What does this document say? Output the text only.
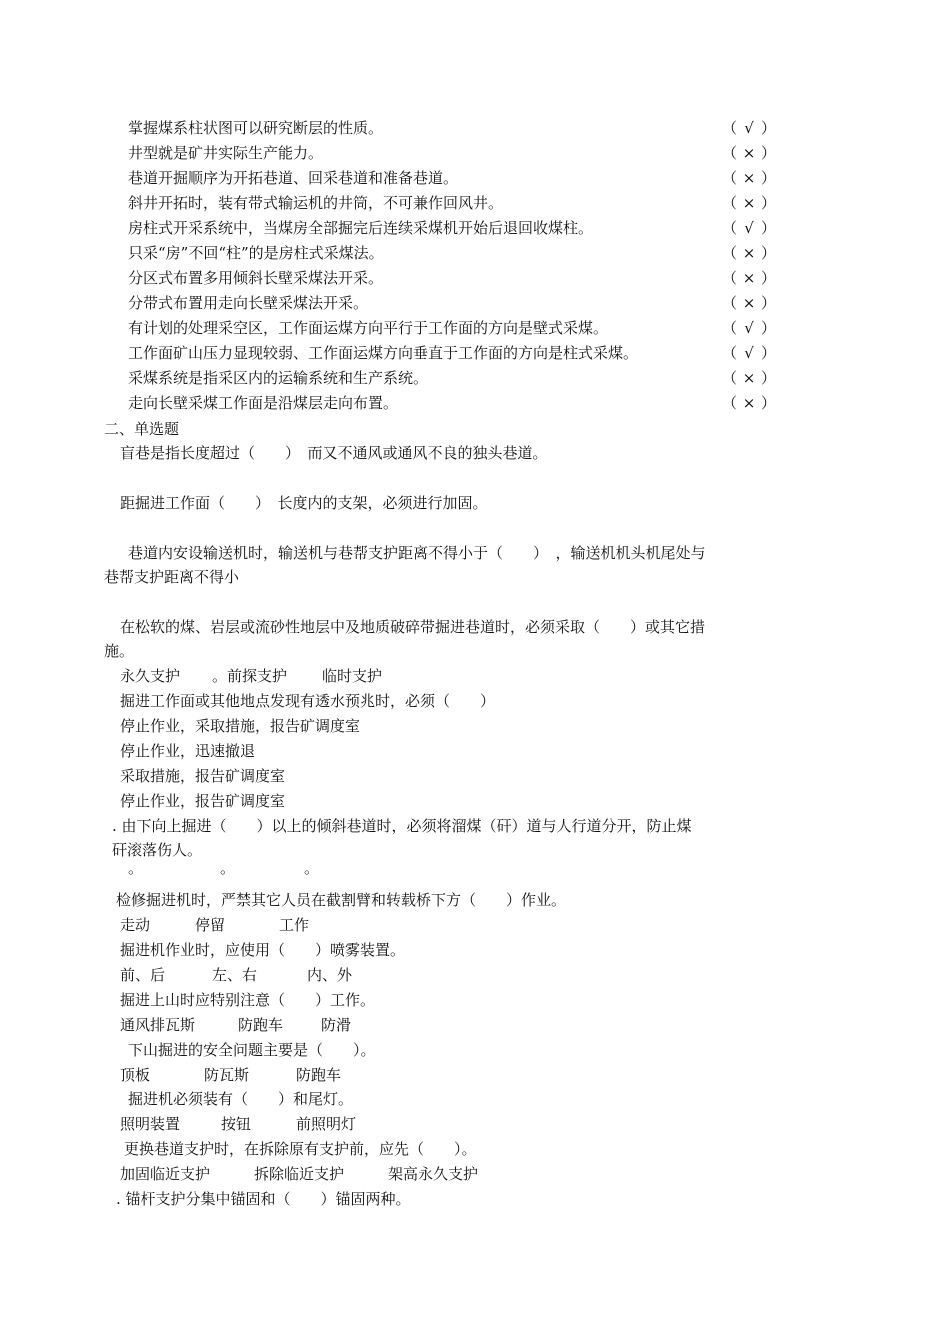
掌握煤系柱状图可以研究断层的性质。	（ √ ）
井型就是矿井实际生产能力。	（ × ）
巷道开掘顺序为开拓巷道、回采巷道和准备巷道。	（ × ）
斜井开拓时，装有带式输运机的井筒，不可兼作回风井。	（ × ）
房柱式开采系统中，当煤房全部掘完后连续采煤机开始后退回收煤柱。	（ √ ）
只采“房”不回“柱”的是房柱式采煤法。	（ × ）
分区式布置多用倾斜长壁采煤法开采。	（ × ）
分带式布置用走向长壁采煤法开采。	（ × ）
有计划的处理采空区，工作面运煤方向平行于工作面的方向是壁式采煤。	（ √ ）
工作面矿山压力显现较弱、工作面运煤方向垂直于工作面的方向是柱式采煤。	（ √ ）
采煤系统是指采区内的运输系统和生产系统。	（ × ）
走向长壁采煤工作面是沿煤层走向布置。	（ × ）
二、单选题
盲巷是指长度超过（　　）　而又不通风或通风不良的独头巷道。
距掘进工作面（　　）　长度内的支架，必须进行加固。
巷道内安设输送机时，输送机与巷帮支护距离不得小于（　　）　，输送机机头机尾处与
巷帮支护距离不得小
在松软的煤、岩层或流砂性地层中及地质破碎带掘进巷道时，必须采取（　　）或其它措
施。
永久支护 。前探支护 临时支护
掘进工作面或其他地点发现有透水预兆时，必须（　　）
停止作业，采取措施，报告矿调度室
停止作业，迅速撤退
采取措施，报告矿调度室
停止作业，报告矿调度室
. 由下向上掘进（　　）以上的倾斜巷道时，必须将溜煤（矸）道与人行道分开，防止煤
矸滚落伤人。
。	。	。
检修掘进机时，严禁其它人员在截割臂和转载桥下方（　　）作业。
走动	停留	工作
掘进机作业时，应使用（　　）喷雾装置。
前、后	左、右	内、外
掘进上山时应特别注意（　　）工作。
通风排瓦斯	防跑车	防滑
下山掘进的安全问题主要是（　　）。
顶板	防瓦斯	防跑车
掘进机必须装有（　　）和尾灯。
照明装置	按钮	前照明灯
更换巷道支护时，在拆除原有支护前，应先（　　）。
加固临近支护	拆除临近支护	架高永久支护
. 锚杆支护分集中锚固和（　　）锚固两种。
